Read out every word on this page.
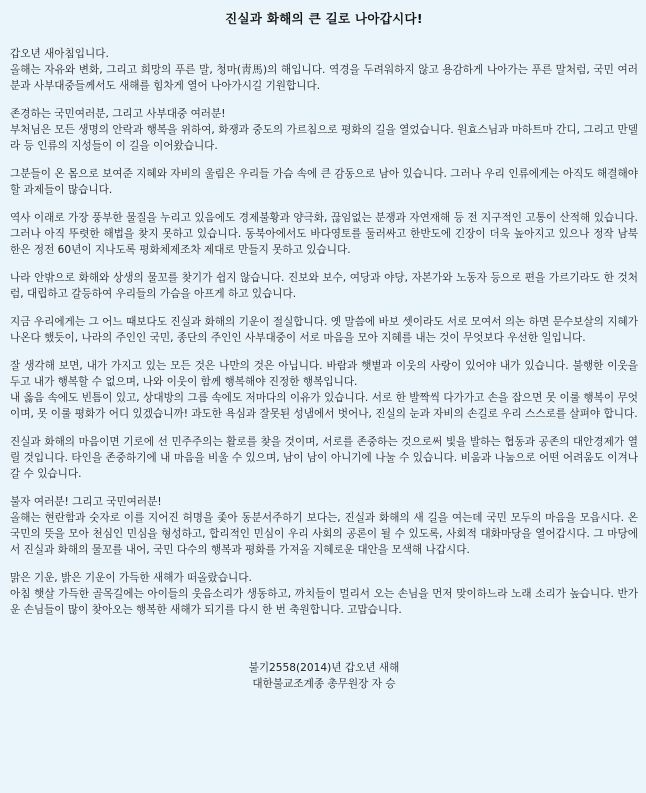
진실과 화해의 큰 길로 나아갑시다!

갑오년 새아침입니다.

올해는 자유와 변화, 그리고 희망의 푸른 말, 청마(靑馬)의 해입니다. 역경을 두려워하지 않고 용감하게 나아가는 푸른 말처럼, 국민 여러분과 사부대중들께서도 새해를 힘차게 열어 나아가시길 기원합니다.

존경하는 국민여러분, 그리고 사부대중 여러분!

부처님은 모든 생명의 안락과 행복을 위하여, 화쟁과 중도의 가르침으로 평화의 길을 열었습니다. 원효스님과 마하트마 간디, 그리고 만델라 등 인류의 지성들이 이 길을 이어왔습니다.

그분들이 온 몸으로 보여준 지혜와 자비의 울림은 우리들 가슴 속에 큰 감동으로 남아 있습니다. 그러나 우리 인류에게는 아직도 해결해야 할 과제들이 많습니다.

역사 이래로 가장 풍부한 물질을 누리고 있음에도 경제불황과 양극화, 끊임없는 분쟁과 자연재해 등 전 지구적인 고통이 산적해 있습니다. 그러나 아직 뚜렷한 해법을 찾지 못하고 있습니다. 동북아에서도 바다영토를 둘러싸고 한반도에 긴장이 더욱 높아지고 있으나 정작 남북한은 정전 60년이 지나도록 평화체제조차 제대로 만들지 못하고 있습니다.

나라 안밖으로 화해와 상생의 물꼬를 찾기가 쉽지 않습니다. 진보와 보수, 여당과 야당, 자본가와 노동자 등으로 편을 가르기라도 한 것처럼, 대립하고 갈등하여 우리들의 가슴을 아프게 하고 있습니다.

지금 우리에게는 그 어느 때보다도 진실과 화해의 기운이 절실합니다. 옛 말씀에 바보 셋이라도 서로 모여서 의논 하면 문수보살의 지혜가 나온다 했듯이, 나라의 주인인 국민, 종단의 주인인 사부대중이 서로 마음을 모아 지혜를 내는 것이 무엇보다 우선한 일입니다.

잘 생각해 보면, 내가 가지고 있는 모든 것은 나만의 것은 아닙니다. 바람과 햇볕과 이웃의 사랑이 있어야 내가 있습니다. 불행한 이웃을 두고 내가 행복할 수 없으며, 나와 이웃이 함께 행복해야 진정한 행복입니다.

내 옳음 속에도 빈틈이 있고, 상대방의 그름 속에도 저마다의 이유가 있습니다. 서로 한 발짝씩 다가가고 손을 잡으면 못 이룰 행복이 무엇이며, 못 이룰 평화가 어디 있겠습니까! 과도한 욕심과 잘못된 성냄에서 벗어나, 진실의 눈과 자비의 손길로 우리 스스로를 살펴야 합니다.

진실과 화해의 마음이면 기로에 선 민주주의는 활로를 찾을 것이며, 서로를 존중하는 것으로써 빛을 발하는 협동과 공존의 대안경제가 열릴 것입니다. 타인을 존중하기에 내 마음을 비울 수 있으며, 남이 남이 아니기에 나눌 수 있습니다. 비움과 나눔으로 어떤 어려움도 이겨나갈 수 있습니다.

불자 여러분! 그리고 국민여러분!

올해는 현란함과 숫자로 이를 지어진 허명을 좇아 동분서주하기 보다는, 진실과 화해의 새 길을 여는데 국민 모두의 마음을 모읍시다. 온 국민의 뜻을 모아 천심인 민심을 형성하고, 합리적인 민심이 우리 사회의 공론이 될 수 있도록, 사회적 대화마당을 열어갑시다. 그 마당에서 진실과 화해의 물꼬를 내어, 국민 다수의 행복과 평화를 가져올 지혜로운 대안을 모색해 나갑시다.

맑은 기운, 밝은 기운이 가득한 새해가 떠올랐습니다.

아침 햇살 가득한 골목길에는 아이들의 웃음소리가 생동하고, 까치들이 멀리서 오는 손님을 먼저 맞이하느라 노래 소리가 높습니다. 반가운 손님들이 많이 찾아오는 행복한 새해가 되기를 다시 한 번 축원합니다. 고맙습니다.

불기2558(2014)년 갑오년 새해

대한불교조계종 총무원장 자 승
